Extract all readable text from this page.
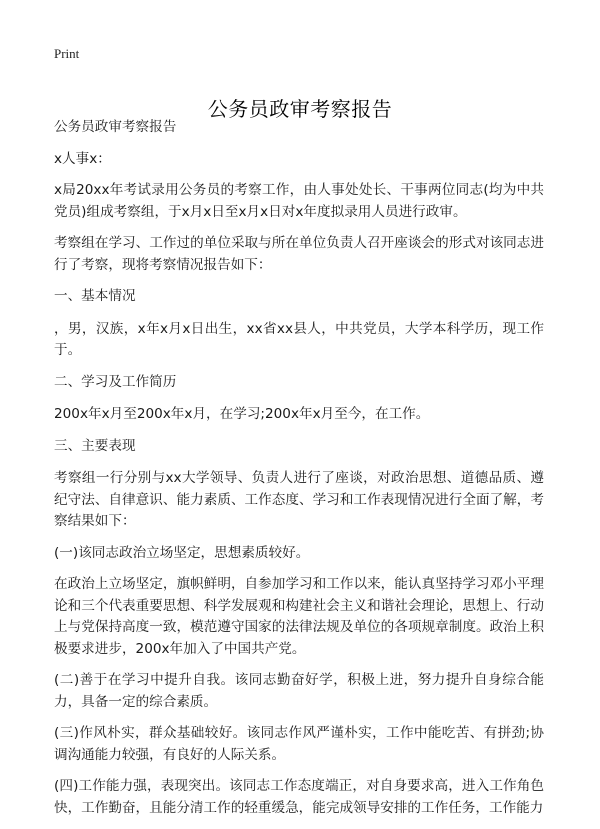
Print
公务员政审考察报告

公务员政审考察报告

x人事x：

x局20xx年考试录用公务员的考察工作，由人事处处长、干事两位同志(均为中共党员)组成考察组，于x月x日至x月x日对x年度拟录用人员进行政审。

考察组在学习、工作过的单位采取与所在单位负责人召开座谈会的形式对该同志进行了考察，现将考察情况报告如下：

一、基本情况

，男，汉族，x年x月x日出生，xx省xx县人，中共党员，大学本科学历，现工作于。

二、学习及工作简历

200x年x月至200x年x月，在学习;200x年x月至今，在工作。

三、主要表现

考察组一行分别与xx大学领导、负责人进行了座谈，对政治思想、道德品质、遵纪守法、自律意识、能力素质、工作态度、学习和工作表现情况进行全面了解，考察结果如下：

(一)该同志政治立场坚定，思想素质较好。

在政治上立场坚定，旗帜鲜明，自参加学习和工作以来，能认真坚持学习邓小平理论和三个代表重要思想、科学发展观和构建社会主义和谐社会理论，思想上、行动上与党保持高度一致，模范遵守国家的法律法规及单位的各项规章制度。政治上积极要求进步，200x年加入了中国共产党。

(二)善于在学习中提升自我。该同志勤奋好学，积极上进，努力提升自身综合能力，具备一定的综合素质。

(三)作风朴实，群众基础较好。该同志作风严谨朴实，工作中能吃苦、有拼劲;协调沟通能力较强，有良好的人际关系。

(四)工作能力强，表现突出。该同志工作态度端正，对自身要求高，进入工作角色快，工作勤奋，且能分清工作的轻重缓急，能完成领导安排的工作任务，工作能力
